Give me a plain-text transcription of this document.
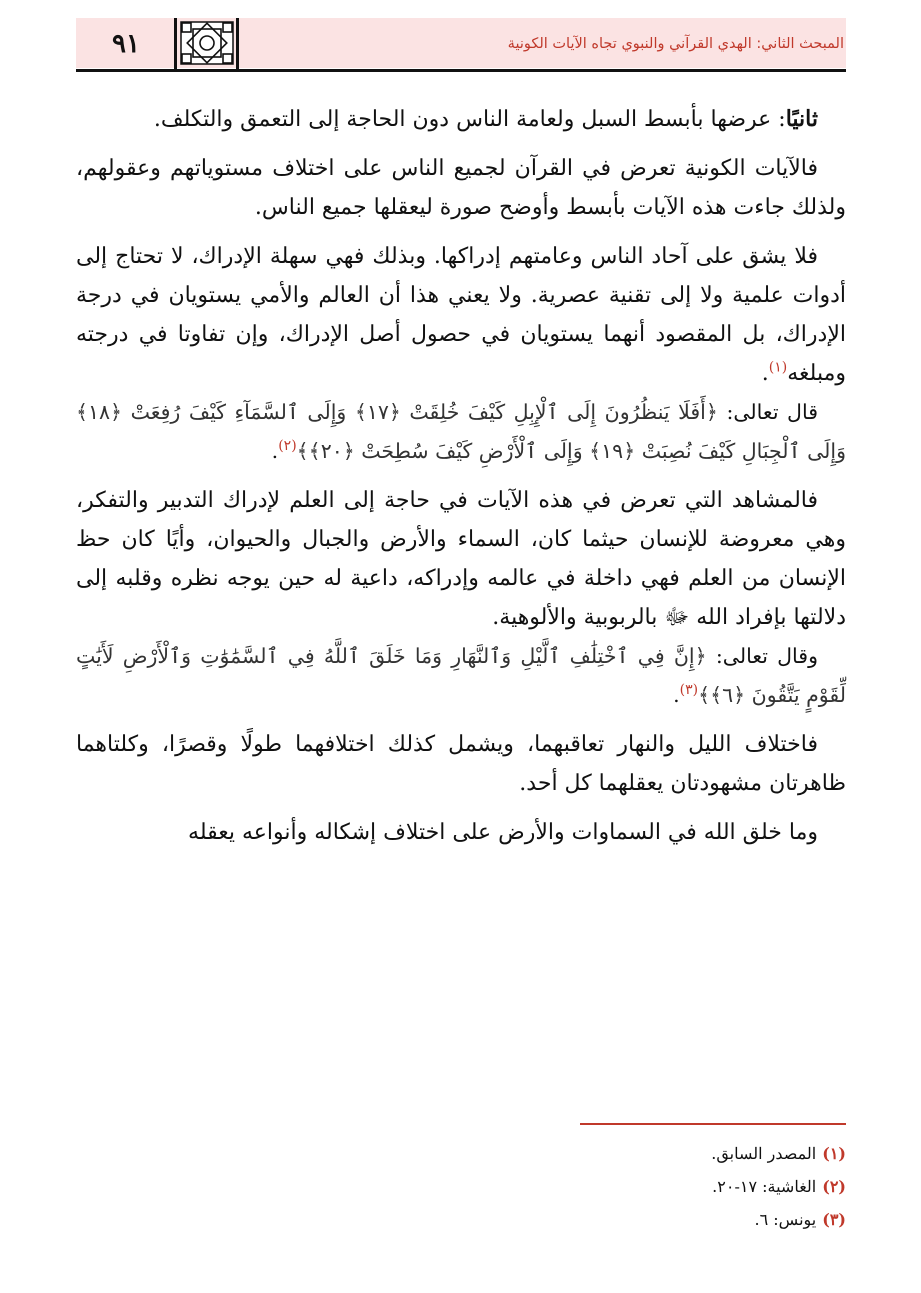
٩١	المبحث الثاني: الهدي القرآني والنبوي تجاه الآيات الكونية

ثانيًا: عرضها بأبسط السبل ولعامة الناس دون الحاجة إلى التعمق والتكلف.

فالآيات الكونية تعرض في القرآن لجميع الناس على اختلاف مستوياتهم وعقولهم، ولذلك جاءت هذه الآيات بأبسط وأوضح صورة ليعقلها جميع الناس.

فلا يشق على آحاد الناس وعامتهم إدراكها. وبذلك فهي سهلة الإدراك، لا تحتاج إلى أدوات علمية ولا إلى تقنية عصرية. ولا يعني هذا أن العالم والأمي يستويان في درجة الإدراك، بل المقصود أنهما يستويان في حصول أصل الإدراك، وإن تفاوتا في درجته ومبلغه$^{(١)}$.

قال تعالى: ﴿أَفَلَا يَنظُرُونَ إِلَى ٱلْإِبِلِ كَيْفَ خُلِقَتْ ﴿١٧﴾ وَإِلَى ٱلسَّمَآءِ كَيْفَ رُفِعَتْ ﴿١٨﴾ وَإِلَى ٱلْجِبَالِ كَيْفَ نُصِبَتْ ﴿١٩﴾ وَإِلَى ٱلْأَرْضِ كَيْفَ سُطِحَتْ ﴿٢٠﴾﴾$^{(٢)}$.

فالمشاهد التي تعرض في هذه الآيات في حاجة إلى العلم لإدراك التدبير والتفكر، وهي معروضة للإنسان حيثما كان، السماء والأرض والجبال والحيوان، وأيًا كان حظ الإنسان من العلم فهي داخلة في عالمه وإدراكه، داعية له حين يوجه نظره وقلبه إلى دلالتها بإفراد الله ﷻ بالربوبية والألوهية.

وقال تعالى: ﴿إِنَّ فِي ٱخْتِلَٰفِ ٱلَّيْلِ وَٱلنَّهَارِ وَمَا خَلَقَ ٱللَّهُ فِي ٱلسَّمَٰوَٰتِ وَٱلْأَرْضِ لَأَيَٰتٍ لِّقَوْمٍ يَتَّقُونَ ﴿٦﴾﴾$^{(٣)}$.

فاختلاف الليل والنهار تعاقبهما، ويشمل كذلك اختلافهما طولًا وقصرًا، وكلتاهما ظاهرتان مشهودتان يعقلهما كل أحد.

وما خلق الله في السماوات والأرض على اختلاف إشكاله وأنواعه يعقله

(١)المصدر السابق.
(٢)الغاشية: ١٧-٢٠.
(٣)يونس: ٦.
